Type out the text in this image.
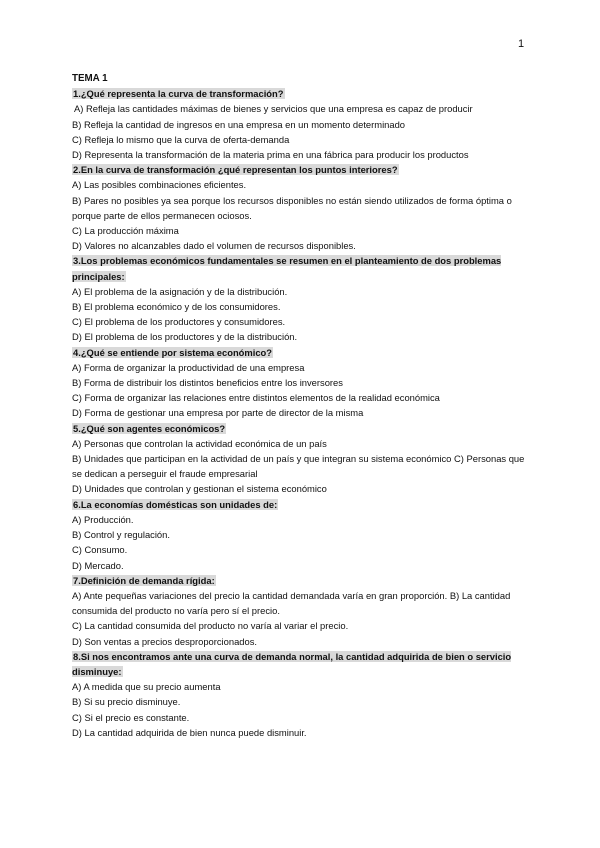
1
TEMA 1
1.¿Qué representa la curva de transformación?
A) Refleja las cantidades máximas de bienes y servicios que una empresa es capaz de producir
B) Refleja la cantidad de ingresos en una empresa en un momento determinado
C) Refleja lo mismo que la curva de oferta-demanda
D) Representa la transformación de la materia prima en una fábrica para producir los productos
2.En la curva de transformación ¿qué representan los puntos interiores?
A) Las posibles combinaciones eficientes.
B) Pares no posibles ya sea porque los recursos disponibles no están siendo utilizados de forma óptima o porque parte de ellos permanecen ociosos.
C) La producción máxima
D) Valores no alcanzables dado el volumen de recursos disponibles.
3.Los problemas económicos fundamentales se resumen en el planteamiento de dos problemas principales:
A) El problema de la asignación y de la distribución.
B) El problema económico y de los consumidores.
C) El problema de los productores y consumidores.
D) El problema de los productores y de la distribución.
4.¿Qué se entiende por sistema económico?
A) Forma de organizar la productividad de una empresa
B) Forma de distribuir los distintos beneficios entre los inversores
C) Forma de organizar las relaciones entre distintos elementos de la realidad económica
D) Forma de gestionar una empresa por parte de director de la misma
5.¿Qué son agentes económicos?
A) Personas que controlan la actividad económica de un país
B) Unidades que participan en la actividad de un país y que integran su sistema económico C) Personas que se dedican a perseguir el fraude empresarial
D) Unidades que controlan y gestionan el sistema económico
6.La economías domésticas son unidades de:
A) Producción.
B) Control y regulación.
C) Consumo.
D) Mercado.
7.Definición de demanda rígida:
A) Ante pequeñas variaciones del precio la cantidad demandada varía en gran proporción. B) La cantidad consumida del producto no varía pero sí el precio.
C) La cantidad consumida del producto no varía al variar el precio.
D) Son ventas a precios desproporcionados.
8.Si nos encontramos ante una curva de demanda normal, la cantidad adquirida de bien o servicio disminuye:
A) A medida que su precio aumenta
B) Si su precio disminuye.
C) Si el precio es constante.
D) La cantidad adquirida de bien nunca puede disminuir.
